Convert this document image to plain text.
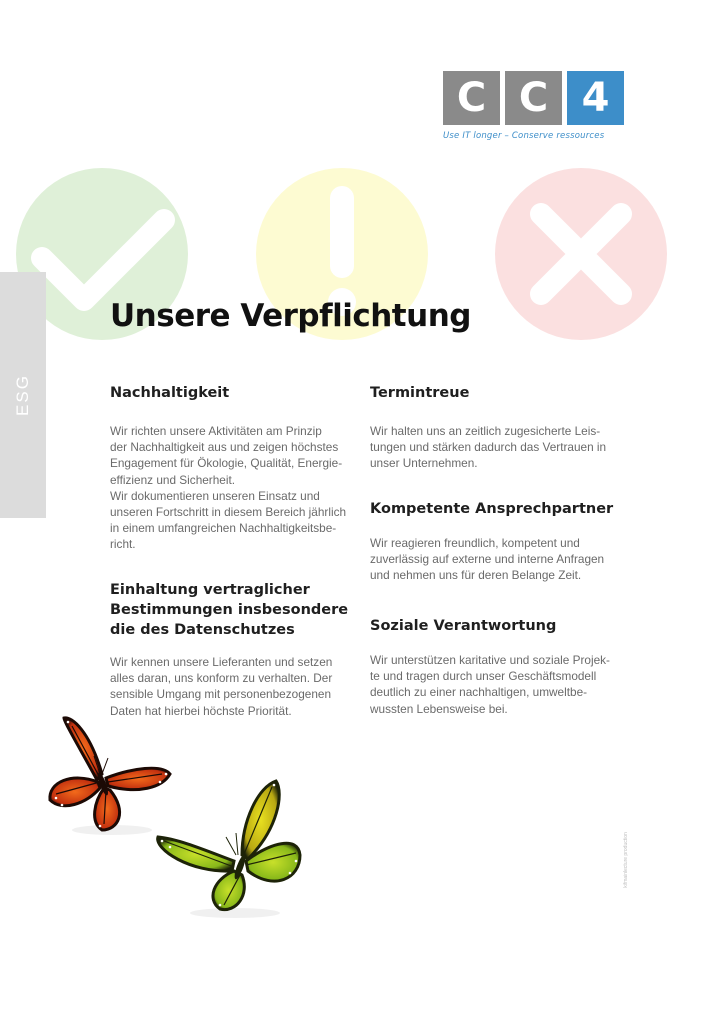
ESG
C C 4
Use IT longer – Conserve ressources
Unsere Verpflichtung
Nachhaltigkeit

Wir richten unsere Aktivitäten am Prinzip
der Nachhaltigkeit aus und zeigen höchstes
Engagement für Ökologie, Qualität, Energie-
effizienz und Sicherheit.
Wir dokumentieren unseren Einsatz und
unseren Fortschritt in diesem Bereich jährlich
in einem umfangreichen Nachhaltigkeitsbe-
richt.

Einhaltung vertraglicher
Bestimmungen insbesondere
die des Datenschutzes

Wir kennen unsere Lieferanten und setzen
alles daran, uns konform zu verhalten. Der
sensible Umgang mit personenbezogenen
Daten hat hierbei höchste Priorität.

Termintreue

Wir halten uns an zeitlich zugesicherte Leis-
tungen und stärken dadurch das Vertrauen in
unser Unternehmen.

Kompetente Ansprechpartner

Wir reagieren freundlich, kompetent und
zuverlässig auf externe und interne Anfragen
und nehmen uns für deren Belange Zeit.

Soziale Verantwortung

Wir unterstützen karitative und soziale Projek-
te und tragen durch unser Geschäftsmodell
deutlich zu einer nachhaltigen, umweltbe-
wussten Lebensweise bei.

kifmainlecture production
